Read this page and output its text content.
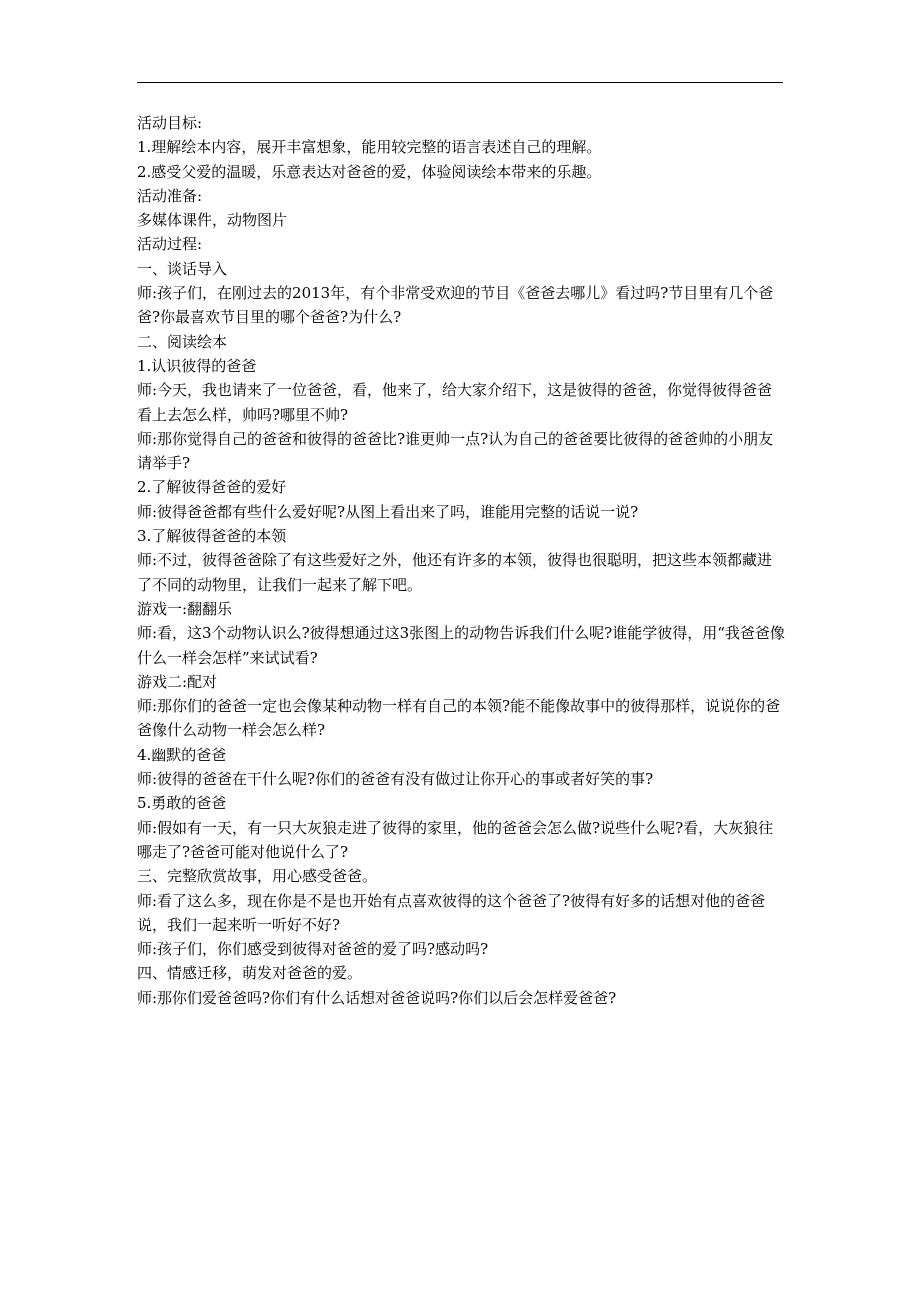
活动目标:

1.理解绘本内容，展开丰富想象，能用较完整的语言表述自己的理解。

2.感受父爱的温暖，乐意表达对爸爸的爱，体验阅读绘本带来的乐趣。

活动准备:

多媒体课件，动物图片

活动过程:

一、谈话导入

师:孩子们，在刚过去的2013年，有个非常受欢迎的节目《爸爸去哪儿》看过吗?节目里有几个爸爸?你最喜欢节目里的哪个爸爸?为什么?

二、阅读绘本

1.认识彼得的爸爸

师:今天，我也请来了一位爸爸，看，他来了，给大家介绍下，这是彼得的爸爸，你觉得彼得爸爸看上去怎么样，帅吗?哪里不帅?

师:那你觉得自己的爸爸和彼得的爸爸比?谁更帅一点?认为自己的爸爸要比彼得的爸爸帅的小朋友请举手?

2.了解彼得爸爸的爱好

师:彼得爸爸都有些什么爱好呢?从图上看出来了吗，谁能用完整的话说一说?

3.了解彼得爸爸的本领

师:不过，彼得爸爸除了有这些爱好之外，他还有许多的本领，彼得也很聪明，把这些本领都藏进了不同的动物里，让我们一起来了解下吧。

游戏一:翻翻乐

师:看，这3个动物认识么?彼得想通过这3张图上的动物告诉我们什么呢?谁能学彼得，用“我爸爸像什么一样会怎样”来试试看?

游戏二:配对

师:那你们的爸爸一定也会像某种动物一样有自己的本领?能不能像故事中的彼得那样，说说你的爸爸像什么动物一样会怎么样?

4.幽默的爸爸

师:彼得的爸爸在干什么呢?你们的爸爸有没有做过让你开心的事或者好笑的事?

5.勇敢的爸爸

师:假如有一天，有一只大灰狼走进了彼得的家里，他的爸爸会怎么做?说些什么呢?看，大灰狼往哪走了?爸爸可能对他说什么了?

三、完整欣赏故事，用心感受爸爸。

师:看了这么多，现在你是不是也开始有点喜欢彼得的这个爸爸了?彼得有好多的话想对他的爸爸说，我们一起来听一听好不好?

师:孩子们，你们感受到彼得对爸爸的爱了吗?感动吗?

四、情感迁移，萌发对爸爸的爱。

师:那你们爱爸爸吗?你们有什么话想对爸爸说吗?你们以后会怎样爱爸爸?
